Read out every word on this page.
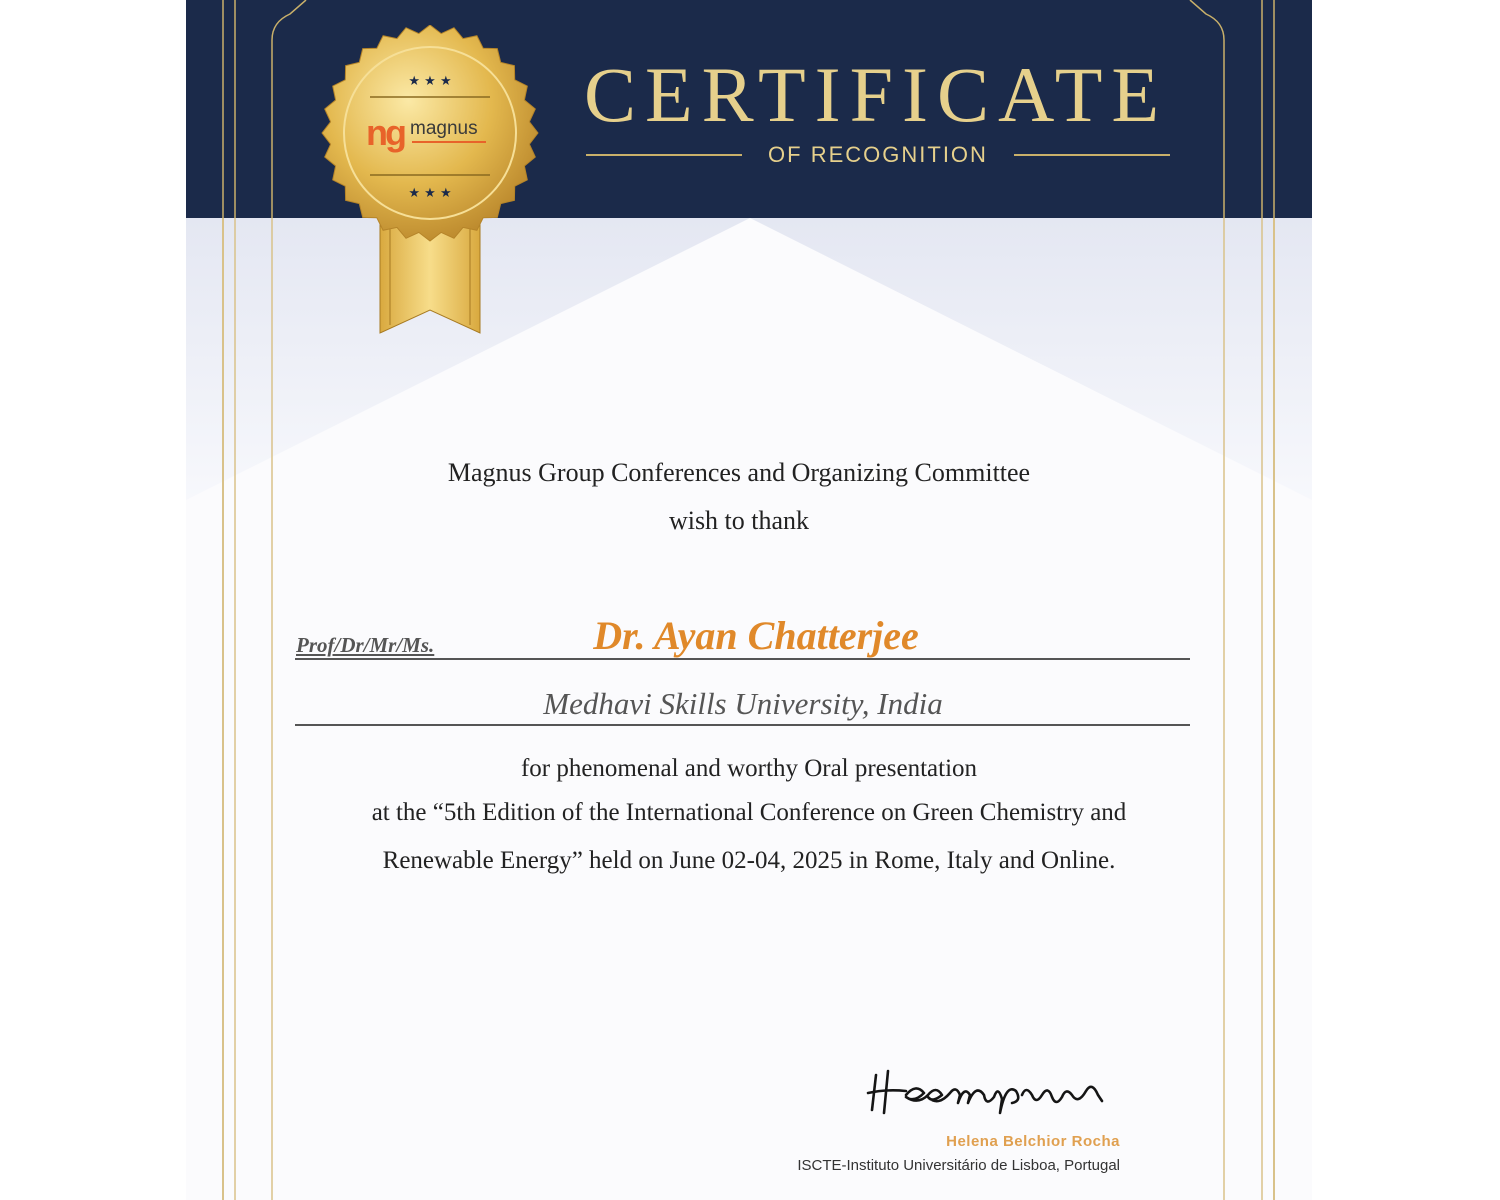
CERTIFICATE
OF RECOGNITION
Magnus Group Conferences and Organizing Committee
wish to thank
Prof/Dr/Mr/Ms.	Dr. Ayan Chatterjee
Medhavi Skills University, India
for phenomenal and worthy Oral presentation
at the “5th Edition of the International Conference on Green Chemistry and
Renewable Energy” held on June 02-04, 2025 in Rome, Italy and Online.
Helena Belchior Rocha
ISCTE-Instituto Universitário de Lisboa, Portugal
★ ★ ★
★ ★ ★
ng magnus
